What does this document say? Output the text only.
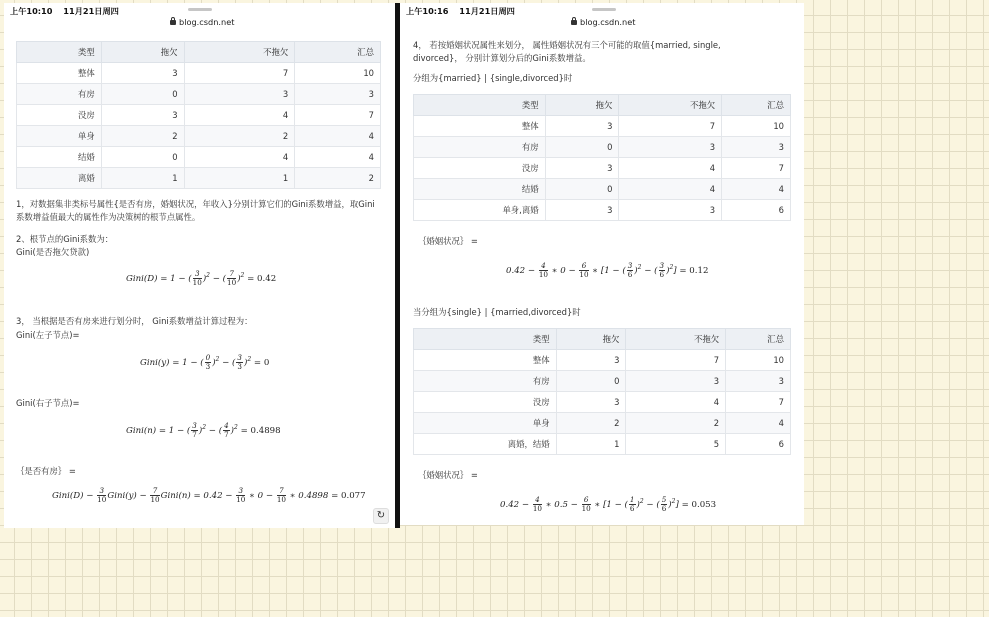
上午10:10 11月21日周四
blog.csdn.net
类型	拖欠	不拖欠	汇总
整体	3	7	10
有房	0	3	3
没房	3	4	7
单身	2	2	4
结婚	0	4	4
离婚	1	1	2
1，对数据集非类标号属性{是否有房，婚姻状况，年收入}分别计算它们的Gini系数增益，取Gini系数增益值最大的属性作为决策树的根节点属性。
2、根节点的Gini系数为：
Gini(是否拖欠贷款)
Gini(D) = 1 − ( $\frac{3}{10} )^2$ − ( $\frac{7}{10} )^2 = 0.42$
3， 当根据是否有房来进行划分时， Gini系数增益计算过程为：
Gini(左子节点)=
Gini(y) = 1 − ( $\frac{0}{3} )^2$ − ( $\frac{3}{3} )^2 = 0$
Gini(右子节点)=
Gini(n) = 1 − ( $\frac{3}{7} )^2$ − ( $\frac{4}{7} )^2 = 0.4898$
｛是否有房｝ =
Gini(D) − $\frac{3}{10}$ Gini(y) − $\frac{7}{10}$ Gini(n) = $0.42 - \frac{3}{10}$ ∗ $0 - \frac{7}{10}$ ∗ 0.4898 = 0.077
↻
上午10:16 11月21日周四
blog.csdn.net
4， 若按婚姻状况属性来划分， 属性婚姻状况有三个可能的取值{married, single, divorced}， 分别计算划分后的Gini系数增益。
分组为{married} | {single,divorced}时
类型	拖欠	不拖欠	汇总
整体	3	7	10
有房	0	3	3
没房	3	4	7
结婚	0	4	4
单身,离婚	3	3	6
｛婚姻状况｝ =
$0.42 - \frac{4}{10}$ ∗ $0 - \frac{6}{10}$ ∗ [1 − ( $\frac{3}{6} )^2$ − ( $\frac{3}{6} )^2] = 0.12$
当分组为{single} | {married,divorced}时
类型	拖欠	不拖欠	汇总
整体	3	7	10
有房	0	3	3
没房	3	4	7
单身	2	2	4
离婚，结婚	1	5	6
｛婚姻状况｝ =
$0.42 - \frac{4}{10}$ ∗ $0.5 - \frac{6}{10}$ ∗ [1 − ( $\frac{1}{6} )^2$ − ( $\frac{5}{6} )^2] = 0.053$
